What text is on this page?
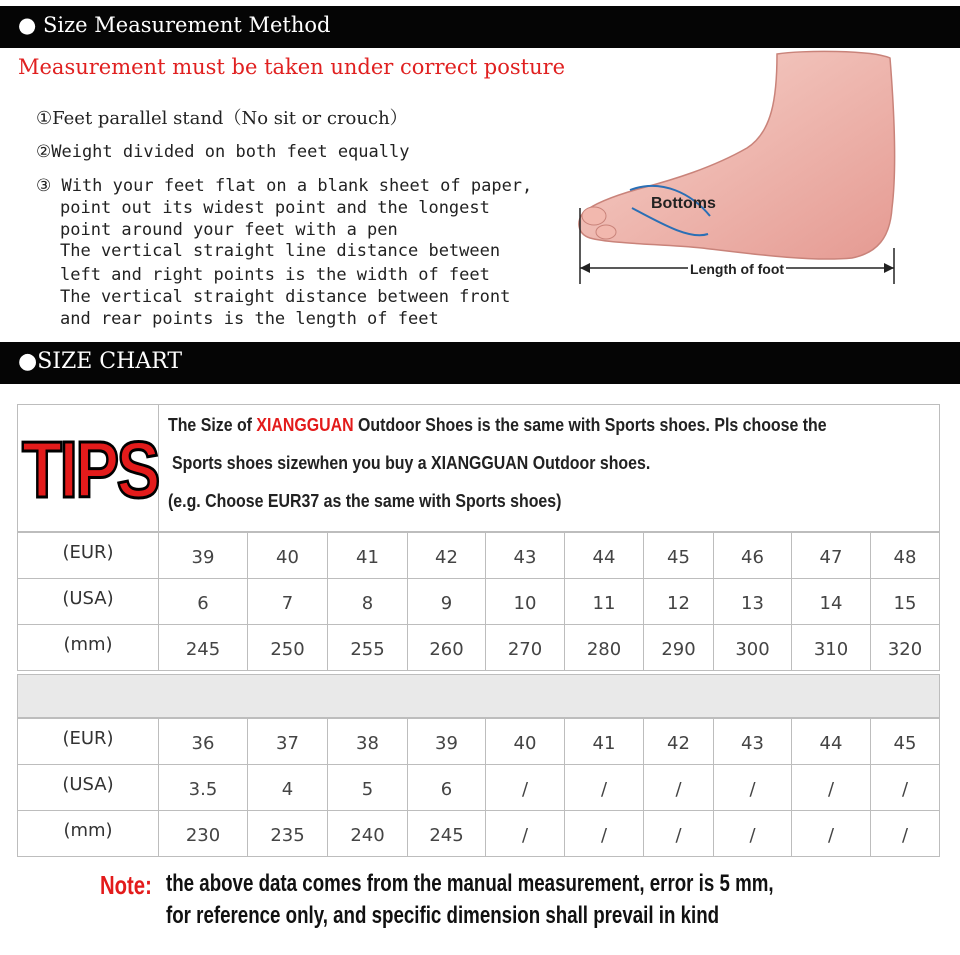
● Size Measurement Method
Measurement must be taken under correct posture
①Feet parallel stand（No sit or crouch）
②Weight divided on both feet equally
③ With your feet flat on a blank sheet of paper,
point out its widest point and the longest
point around your feet with a pen
The vertical straight line distance between
left and right points is the width of feet
The vertical straight distance between front
and rear points is the length of feet
Bottoms
Length of foot
●SIZE CHART
TIPS
The Size of XIANGGUAN Outdoor Shoes is the same with Sports shoes. Pls choose the
Sports shoes sizewhen you buy a XIANGGUAN Outdoor shoes.
(e.g. Choose EUR37 as the same with Sports shoes)
(EUR)	39	40	41	42	43	44	45	46	47	48
(USA)	6	7	8	9	10	11	12	13	14	15
(mm)	245	250	255	260	270	280	290	300	310	320
(EUR)	36	37	38	39	40	41	42	43	44	45
(USA)	3.5	4	5	6	/	/	/	/	/	/
(mm)	230	235	240	245	/	/	/	/	/	/
Note: the above data comes from the manual measurement, error is 5 mm,
for reference only, and specific dimension shall prevail in kind
